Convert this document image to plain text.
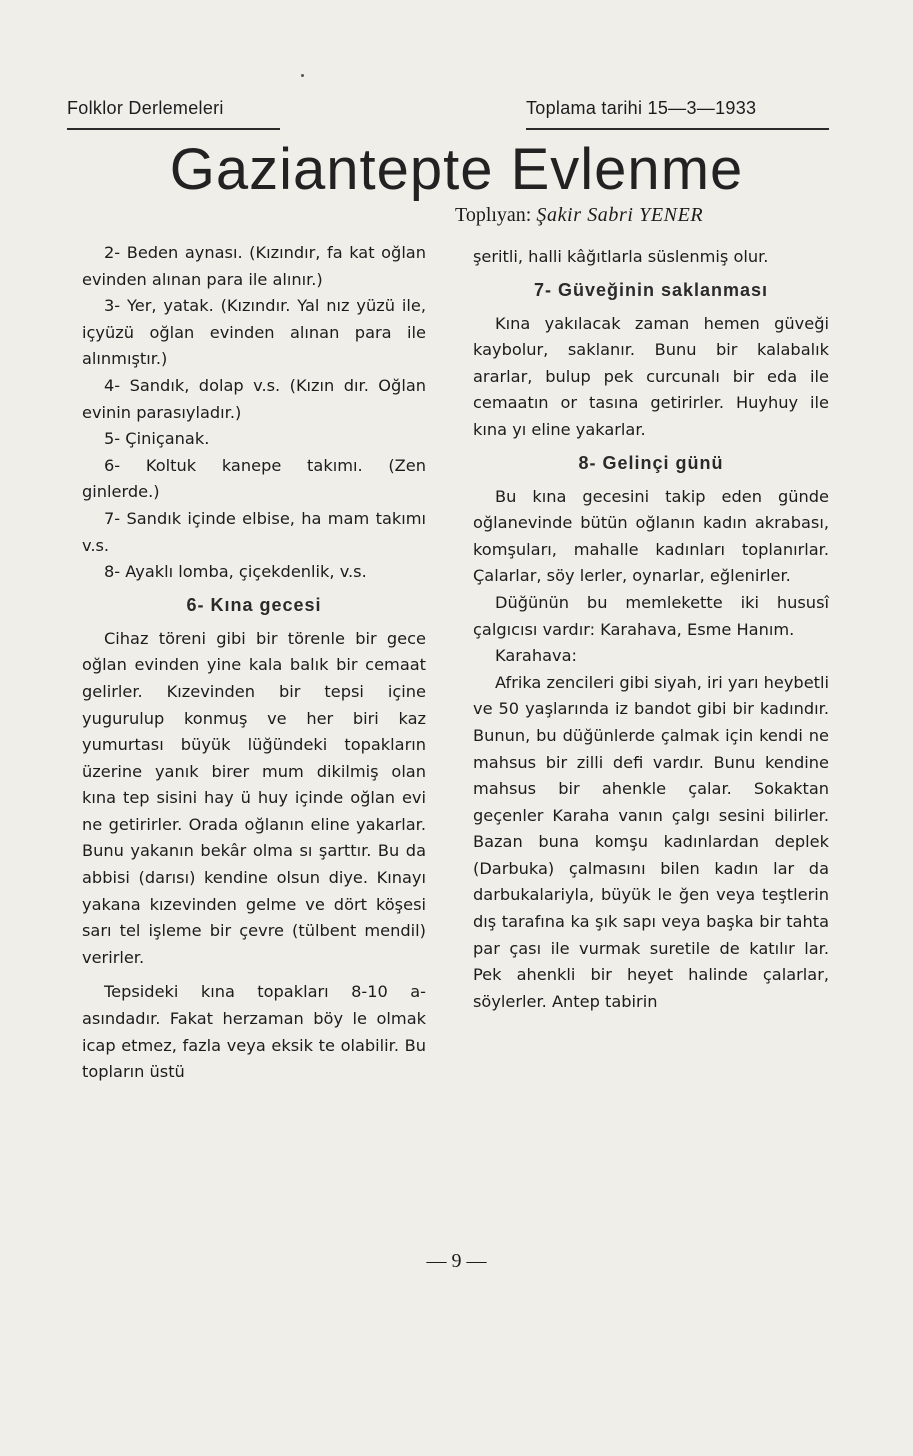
Folklor Derlemeleri	Toplama tarihi 15—3—1933
Gaziantepte Evlenme
Toplıyan: Şakir Sabri YENER

2- Beden aynası. (Kızındır, fa kat oğlan evinden alınan para ile alınır.)

3- Yer, yatak. (Kızındır. Yal nız yüzü ile, içyüzü oğlan evinden alınan para ile alınmıştır.)

4- Sandık, dolap v.s. (Kızın dır. Oğlan evinin parasıyladır.)

5- Çiniçanak.

6- Koltuk kanepe takımı. (Zen ginlerde.)

7- Sandık içinde elbise, ha mam takımı v.s.

8- Ayaklı lomba, çiçekdenlik, v.s.

6- Kına gecesi

Cihaz töreni gibi bir törenle bir gece oğlan evinden yine kala balık bir cemaat gelirler. Kızevinden bir tepsi içine yugurulup konmuş ve her biri kaz yumurtası büyük lüğündeki topakların üzerine yanık birer mum dikilmiş olan kına tep sisini hay ü huy içinde oğlan evi ne getirirler. Orada oğlanın eline yakarlar. Bunu yakanın bekâr olma sı şarttır. Bu da abbisi (darısı) kendine olsun diye. Kınayı yakana kızevinden gelme ve dört köşesi sarı tel işleme bir çevre (tülbent mendil) verirler.

Tepsideki kına topakları 8-10 a-asındadır. Fakat herzaman böy le olmak icap etmez, fazla veya eksik te olabilir. Bu topların üstü

şeritli, halli kâğıtlarla süslenmiş olur.

7- Güveğinin saklanması

Kına yakılacak zaman hemen güveği kaybolur, saklanır. Bunu bir kalabalık ararlar, bulup pek curcunalı bir eda ile cemaatın or tasına getirirler. Huyhuy ile kına yı eline yakarlar.

8- Gelinçi günü

Bu kına gecesini takip eden günde oğlanevinde bütün oğlanın kadın akrabası, komşuları, mahalle kadınları toplanırlar. Çalarlar, söy lerler, oynarlar, eğlenirler.

Düğünün bu memlekette iki hususî çalgıcısı vardır: Karahava, Esme Hanım.

Karahava:

Afrika zencileri gibi siyah, iri yarı heybetli ve 50 yaşlarında iz bandot gibi bir kadındır. Bunun, bu düğünlerde çalmak için kendi ne mahsus bir zilli defi vardır. Bunu kendine mahsus bir ahenkle çalar. Sokaktan geçenler Karaha vanın çalgı sesini bilirler. Bazan buna komşu kadınlardan deplek (Darbuka) çalmasını bilen kadın lar da darbukalariyla, büyük le ğen veya teştlerin dış tarafına ka şık sapı veya başka bir tahta par çası ile vurmak suretile de katılır lar. Pek ahenkli bir heyet halinde çalarlar, söylerler. Antep tabirin

— 9 —
